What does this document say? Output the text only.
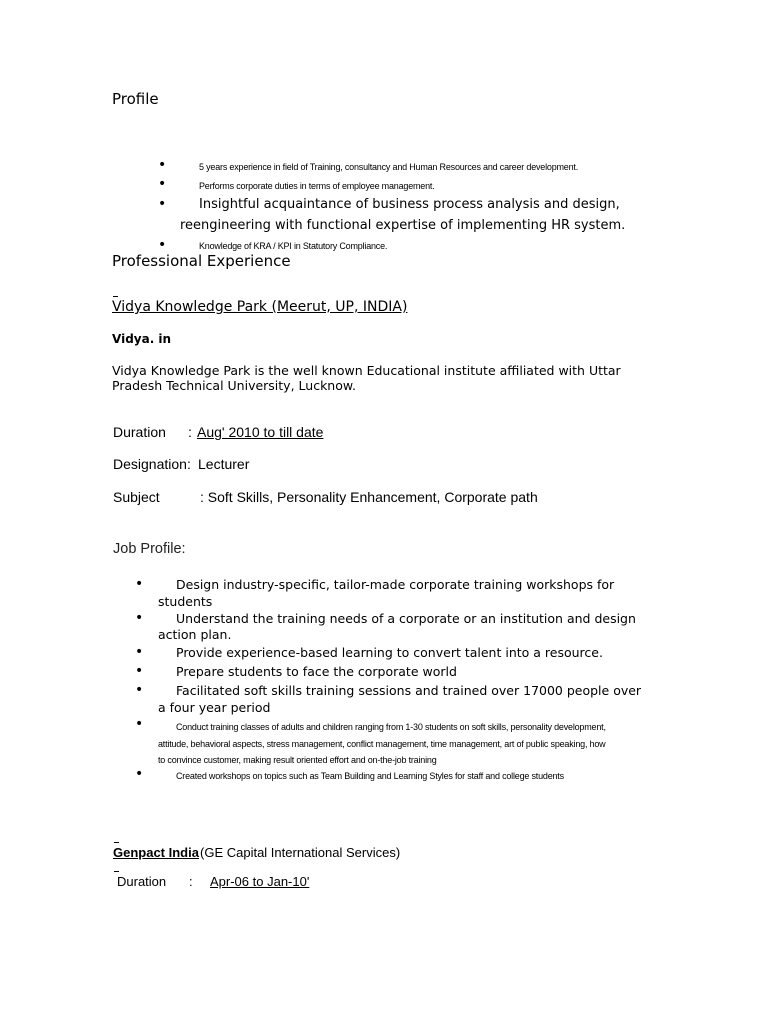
Profile
•	5 years experience in field of Training, consultancy and Human Resources and career development.
•	Performs corporate duties in terms of employee management.
•	Insightful acquaintance of business process analysis and design,
reengineering with functional expertise of implementing HR system.
•	Knowledge of KRA / KPI in Statutory Compliance.
Professional Experience
Vidya Knowledge Park (Meerut, UP, INDIA)
Vidya. in
Vidya Knowledge Park is the well known Educational institute affiliated with Uttar
Pradesh Technical University, Lucknow.
Duration : Aug' 2010 to till date
Designation: Lecturer
Subject	: Soft Skills, Personality Enhancement, Corporate path
Job Profile:
•	Design industry-specific, tailor-made corporate training workshops for
students
•	Understand the training needs of a corporate or an institution and design
action plan.
•	Provide experience-based learning to convert talent into a resource.
•	Prepare students to face the corporate world
•	Facilitated soft skills training sessions and trained over 17000 people over
a four year period
•	Conduct training classes of adults and children ranging from 1-30 students on soft skills, personality development,
attitude, behavioral aspects, stress management, conflict management, time management, art of public speaking, how
to convince customer, making result oriented effort and on-the-job training
•	Created workshops on topics such as Team Building and Learning Styles for staff and college students
Genpact India (GE Capital International Services)
Duration : Apr-06 to Jan-10'
